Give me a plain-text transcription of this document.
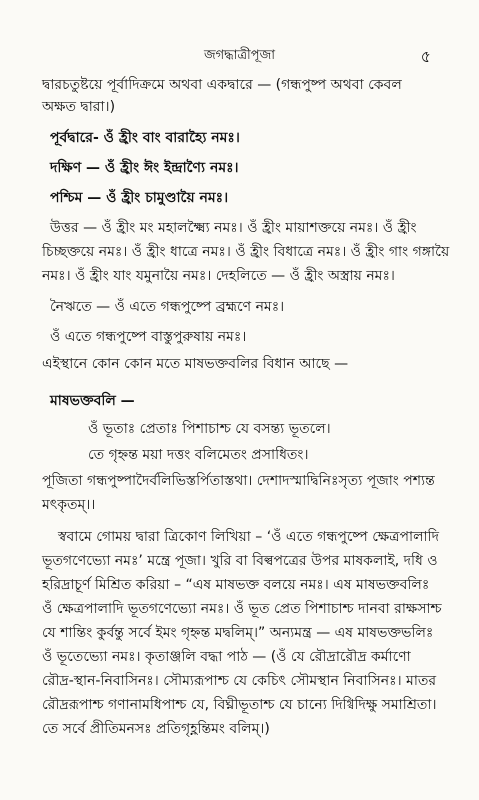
জগদ্ধাত্রীপূজা	৫
দ্বারচতুষ্টয়ে পূর্বাদিক্রমে অথবা একদ্বারে — (গন্ধপুষ্প অথবা কেবল
অক্ষত দ্বারা।)
পূর্বদ্বারে- ওঁ হ্রীং বাং বারাহ্যৈ নমঃ।
দক্ষিণ — ওঁ হ্রীং ঈং ইন্দ্রাণ্যৈ নমঃ।
পশ্চিম — ওঁ হ্রীং চামুণ্ডায়ৈ নমঃ।
উত্তর — ওঁ হ্রীং মং মহালক্ষ্ম্যৈ নমঃ। ওঁ হ্রীং মায়াশক্তয়ে নমঃ। ওঁ হ্রীং
চিচ্ছক্তয়ে নমঃ। ওঁ হ্রীং ধাত্রে নমঃ। ওঁ হ্রীং বিধাত্রে নমঃ। ওঁ হ্রীং গাং গঙ্গায়ৈ
নমঃ। ওঁ হ্রীং যাং যমুনায়ৈ নমঃ। দেহলিতে — ওঁ হ্রীং অস্ত্রায় নমঃ।
নৈঋতে — ওঁ এতে গন্ধপুষ্পে ব্রহ্মণে নমঃ।
ওঁ এতে গন্ধপুষ্পে বাস্তুপুরুষায় নমঃ।
এইস্থানে কোন কোন মতে মাষভক্তবলির বিধান আছে —
মাষভক্তবলি —
ওঁ ভূতাঃ প্রেতাঃ পিশাচাশ্চ যে বসন্ত্য ভূতলে।
তে গৃহ্নন্ত ময়া দত্তং বলিমেতং প্রসাধিতং।
পূজিতা গন্ধপুষ্পাদৈর্বলিভিস্তর্পিতাস্তথা। দেশাদস্মাদ্বিনিঃসৃত্য পূজাং পশ্যন্ত
মৎকৃতম্।।
স্ববামে গোময় দ্বারা ত্রিকোণ লিখিয়া – ‘ওঁ এতে গন্ধপুষ্পে ক্ষেত্রপালাদি
ভূতগণেভ্যো নমঃ’ মন্ত্রে পূজা। খুরি বা বিল্বপত্রের উপর মাষকলাই, দধি ও
হরিদ্রাচূর্ণ মিশ্রিত করিয়া – “এষ মাষভক্ত বলয়ে নমঃ। এষ মাষভক্তবলিঃ
ওঁ ক্ষেত্রপালাদি ভূতগণেভ্যো নমঃ। ওঁ ভূত প্রেত পিশাচাশ্চ দানবা রাক্ষসাশ্চ
যে শান্তিং কুর্বন্তু সর্বে ইমং গৃহ্নন্ত মদ্বলিম্।” অন্যমন্ত্র — এষ মাষভক্তভলিঃ
ওঁ ভূতেভ্যো নমঃ। কৃতাঞ্জলি বদ্ধা পাঠ — (ওঁ যে রৌদ্রারৌদ্র কর্মাণো
রৌদ্র-স্থান-নিবাসিনঃ। সৌম্যরূপাশ্চ যে কেচিৎ সৌমস্থান নিবাসিনঃ। মাতর
রৌদ্ররূপাশ্চ গণানামধিপাশ্চ যে, বিঘ্নীভূতাশ্চ যে চান্যে দিগ্বিদিক্ষু সমাশ্রিতা।
তে সর্বে প্রীতিমনসঃ প্রতিগৃহ্ণন্তিমং বলিম্।)
